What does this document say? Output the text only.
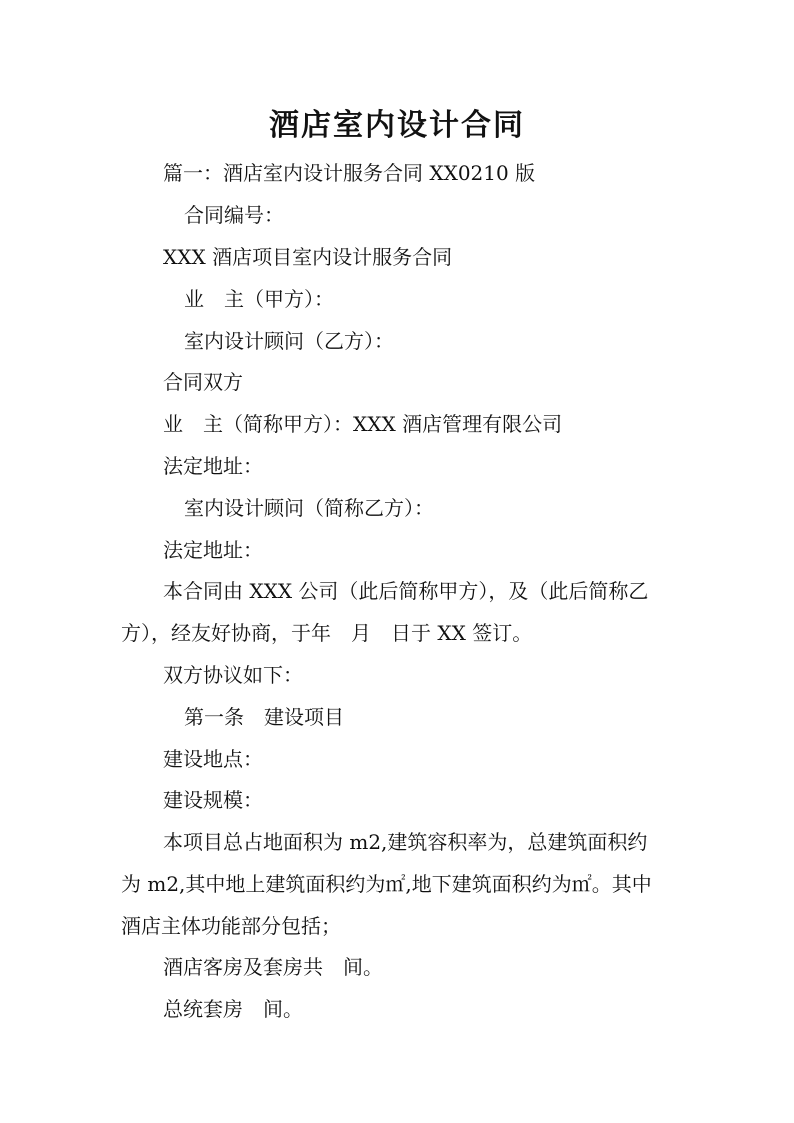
酒店室内设计合同
篇一：酒店室内设计服务合同 XX0210 版
合同编号：
XXX 酒店项目室内设计服务合同
业　主（甲方）：
室内设计顾问（乙方）：
合同双方
业　主（简称甲方）：XXX 酒店管理有限公司
法定地址：
室内设计顾问（简称乙方）：
法定地址：
本合同由 XXX 公司（此后简称甲方），及（此后简称乙
方），经友好协商，于年　月　日于 XX 签订。
双方协议如下：
第一条　建设项目
建设地点：
建设规模：
本项目总占地面积为 m2,建筑容积率为，总建筑面积约
为 m2,其中地上建筑面积约为㎡,地下建筑面积约为㎡。其中
酒店主体功能部分包括；
酒店客房及套房共　间。
总统套房　间。
